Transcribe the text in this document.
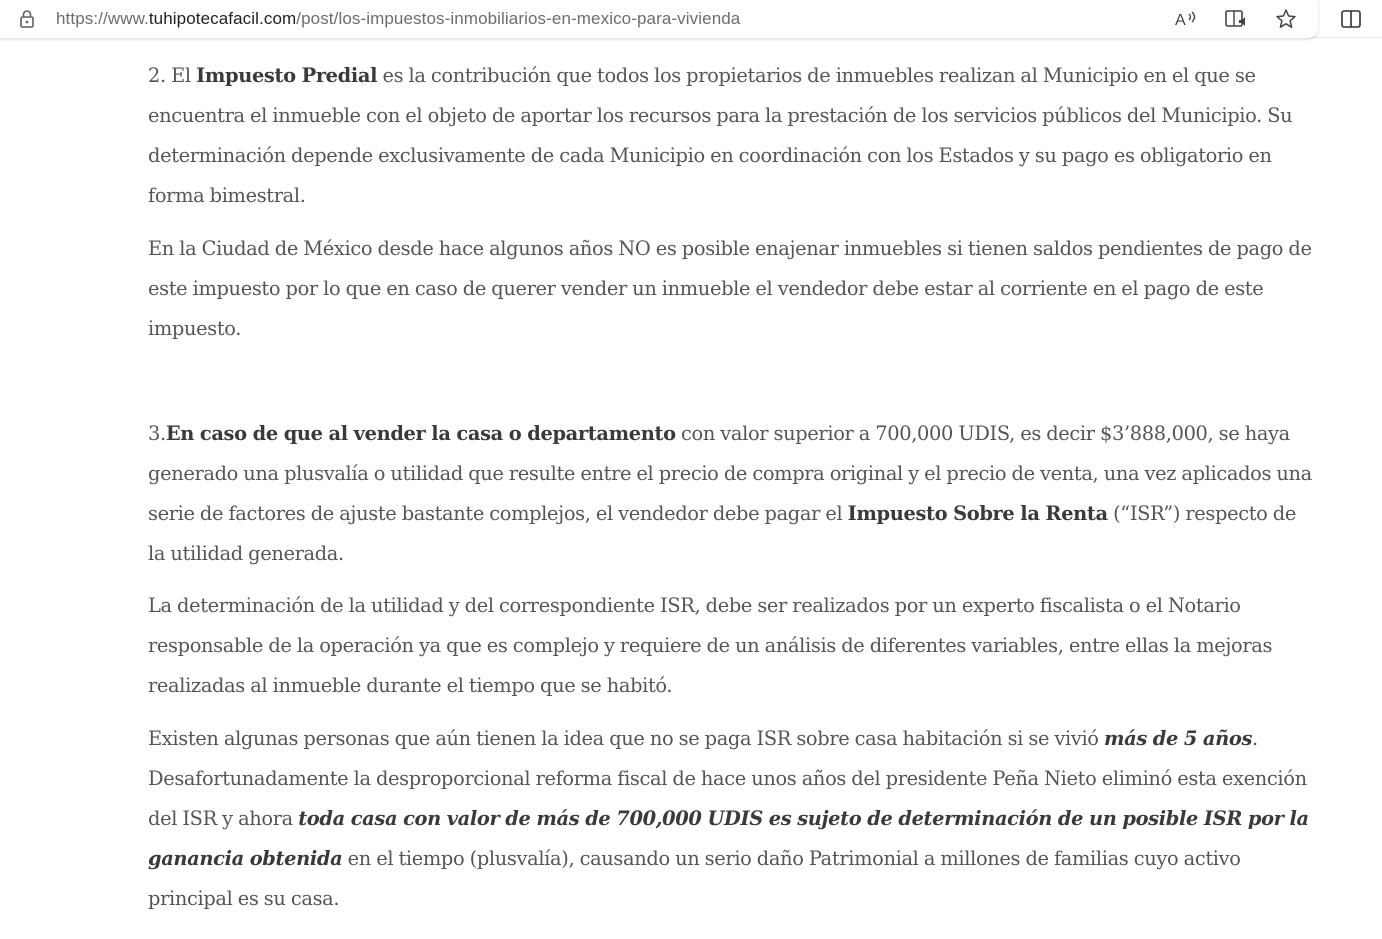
https://www.tuhipotecafacil.com/post/los-impuestos-inmobiliarios-en-mexico-para-vivienda	A

2. El Impuesto Predial es la contribución que todos los propietarios de inmuebles realizan al Municipio en el que se encuentra el inmueble con el objeto de aportar los recursos para la prestación de los servicios públicos del Municipio. Su determinación depende exclusivamente de cada Municipio en coordinación con los Estados y su pago es obligatorio en forma bimestral.

En la Ciudad de México desde hace algunos años NO es posible enajenar inmuebles si tienen saldos pendientes de pago de este impuesto por lo que en caso de querer vender un inmueble el vendedor debe estar al corriente en el pago de este impuesto.

3.En caso de que al vender la casa o departamento con valor superior a 700,000 UDIS, es decir $3’888,000, se haya generado una plusvalía o utilidad que resulte entre el precio de compra original y el precio de venta, una vez aplicados una serie de factores de ajuste bastante complejos, el vendedor debe pagar el Impuesto Sobre la Renta (“ISR”) respecto de la utilidad generada.

La determinación de la utilidad y del correspondiente ISR, debe ser realizados por un experto fiscalista o el Notario responsable de la operación ya que es complejo y requiere de un análisis de diferentes variables, entre ellas la mejoras realizadas al inmueble durante el tiempo que se habitó.

Existen algunas personas que aún tienen la idea que no se paga ISR sobre casa habitación si se vivió más de 5 años. Desafortunadamente la desproporcional reforma fiscal de hace unos años del presidente Peña Nieto eliminó esta exención del ISR y ahora toda casa con valor de más de 700,000 UDIS es sujeto de determinación de un posible ISR por la ganancia obtenida en el tiempo (plusvalía), causando un serio daño Patrimonial a millones de familias cuyo activo principal es su casa.
